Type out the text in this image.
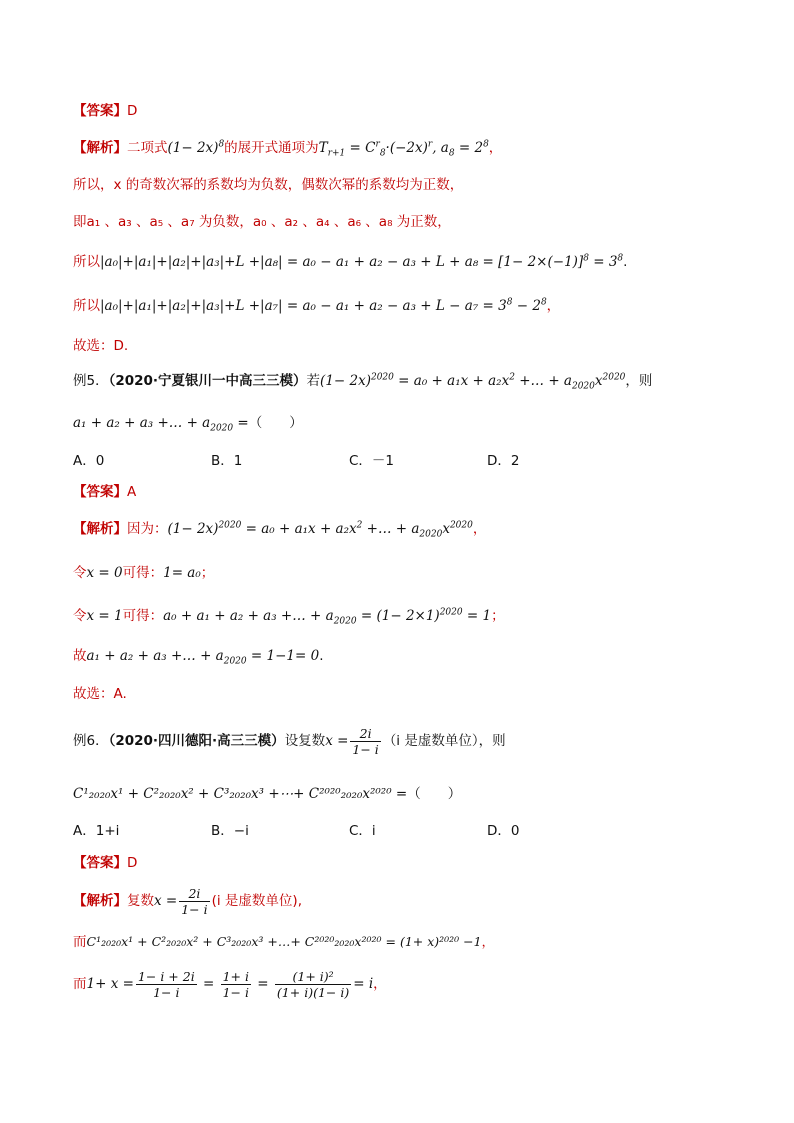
【答案】D
【解析】二项式$(1- 2x)^8$的展开式通项为$T_{r+1} = C^r_8\cdot(-2x)^r$, $a_8 = 2^8$，
所以，x 的奇数次幂的系数均为负数，偶数次幂的系数均为正数，
即a₁ 、a₃ 、a₅ 、a₇ 为负数，a₀ 、a₂ 、a₄ 、a₆ 、a₈ 为正数，
所以$|a_0|+|a_1|+|a_2|+|a_3|+L +|a_8| = a_0 - a_1 + a_2 - a_3 + L + a_8 = [1- 2\times(-1)]^8 = 3^8$.
所以$|a_0|+|a_1|+|a_2|+|a_3|+L +|a_7| = a_0 - a_1 + a_2 - a_3 + L - a_7 = 3^8 - 2^8$，
故选：D.
例5．（2020·宁夏银川一中高三三模）若$(1- 2x)^{2020} = a_0 + a_1x + a_2x^2$ +… + $a_{2020}x^{2020}$，则
a₁ + a₂ + a₃ +… + $a_{2020}$ =（　　）
A．0	B．1	C．－1	D．2
【答案】A
【解析】因为：$(1- 2x)^{2020} = a_0 + a_1x + a_2x^2$ +… + $a_{2020}x^{2020}$，
令x = 0可得：1= a₀；
令x = 1可得：a₀ + a₁ + a₂ + a₃ +… + $a_{2020} = (1- 2\times 1)^{2020} = 1$；
故a₁ + a₂ + a₃ +… + $a_{2020} = 1-1= 0$.
故选：A.
例6．（2020·四川德阳·高三三模）设复数$x = \frac{2i}{1- i} (i$ 是虚数单位），则
C¹₂₀₂₀x¹ + C²₂₀₂₀x² + C³₂₀₂₀x³ +⋯+ C²⁰²⁰₂₀₂₀x²⁰²⁰ =（　　）
A．1+i	B．−i	C．i	D．0
【答案】D
【解析】复数$x = \frac{2i}{1- i} (i$ 是虚数单位),
而C¹₂₀₂₀x¹ + C²₂₀₂₀x² + C³₂₀₂₀x³ +…+ C²⁰²⁰₂₀₂₀x²⁰²⁰ = (1+ x)²⁰²⁰ −1，
而$1+ x = \frac{1- i + 2i}{1- i} = \frac{1+ i}{1- i} = \frac{\text{(1+ i)²}}{(1+ i)(1- i)} = i$，
